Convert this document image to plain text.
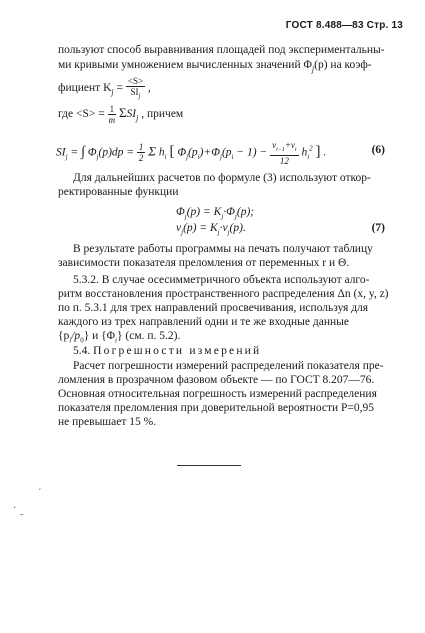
ГОСТ 8.488—83 Стр. 13
пользуют способ выравнивания площадей под экспериментальны-
ми кривыми умножением вычисленных значений $\Phi_j(p)$ на коэф-
фициент $K_j = \frac{<S>}{SI_j}$ ,
где $<S> = \frac{1}{m} \Sigma SI_j$ , причем
$SI_j$ = ∫ $\Phi_j(p)dp = \frac{1}{2}$ Σ $h_i$ [ $\Phi_j(p_i)+\Phi_j(p_i - 1) - \frac{v_{i-1}+v_i}{12} h_i^2$ ] .	(6)
Для дальнейших расчетов по формуле (3) используют откор-
ректированные функции
$\Phi_j(p) = K_j\cdot\Phi_j(p)$;
$v_j(p) = K_j\cdot v_j(p)$.	(7)
В результате работы программы на печать получают таблицу
зависимости показателя преломления от переменных r и Θ.
5.3.2. В случае осесимметричного объекта используют алго-
ритм восстановления пространственного распределения Δn (x, y, z)
по п. 5.3.1 для трех направлений просвечивания, используя для
каждого из трех направлений одни и те же входные данные
$\{p_i/p_0\}$ и $\{\Phi_i\}$ (см. п. 5.2).
5.4. Погрешности измерений
Расчет погрешности измерений распределений показателя пре-
ломления в прозрачном фазовом объекте — по ГОСТ 8.207—76.
Основная относительная погрешность измерений распределения
показателя преломления при доверительной вероятности P=0,95
не превышает 15 %.
ˊ
· ˷
